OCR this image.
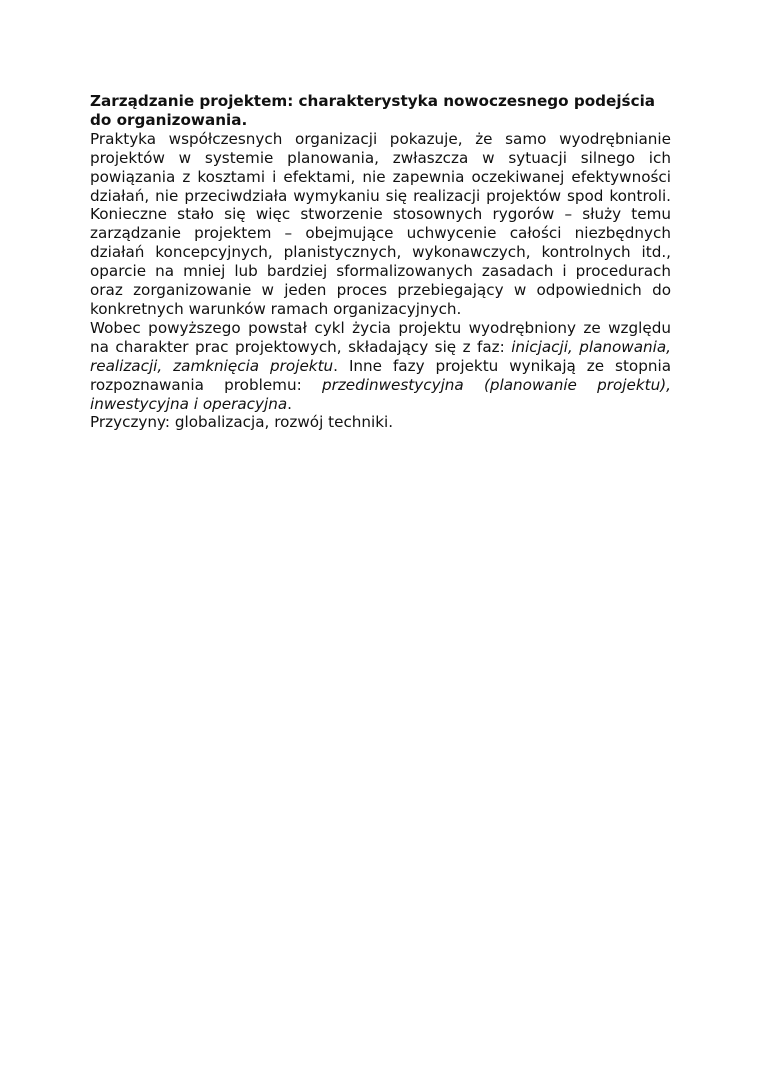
Zarządzanie projektem: charakterystyka nowoczesnego podejścia do organizowania.

Praktyka współczesnych organizacji pokazuje, że samo wyodrębnianie projektów w systemie planowania, zwłaszcza w sytuacji silnego ich powiązania z kosztami i efektami, nie zapewnia oczekiwanej efektywności działań, nie przeciwdziała wymykaniu się realizacji projektów spod kontroli. Konieczne stało się więc stworzenie stosownych rygorów – służy temu zarządzanie projektem – obejmujące uchwycenie całości niezbędnych działań koncepcyjnych, planistycznych, wykonawczych, kontrolnych itd., oparcie na mniej lub bardziej sformalizowanych zasadach i procedurach oraz zorganizowanie w jeden proces przebiegający w odpowiednich do konkretnych warunków ramach organizacyjnych.

Wobec powyższego powstał cykl życia projektu wyodrębniony ze względu na charakter prac projektowych, składający się z faz: inicjacji, planowania, realizacji, zamknięcia projektu. Inne fazy projektu wynikają ze stopnia rozpoznawania problemu: przedinwestycyjna (planowanie projektu), inwestycyjna i operacyjna.

Przyczyny: globalizacja, rozwój techniki.
